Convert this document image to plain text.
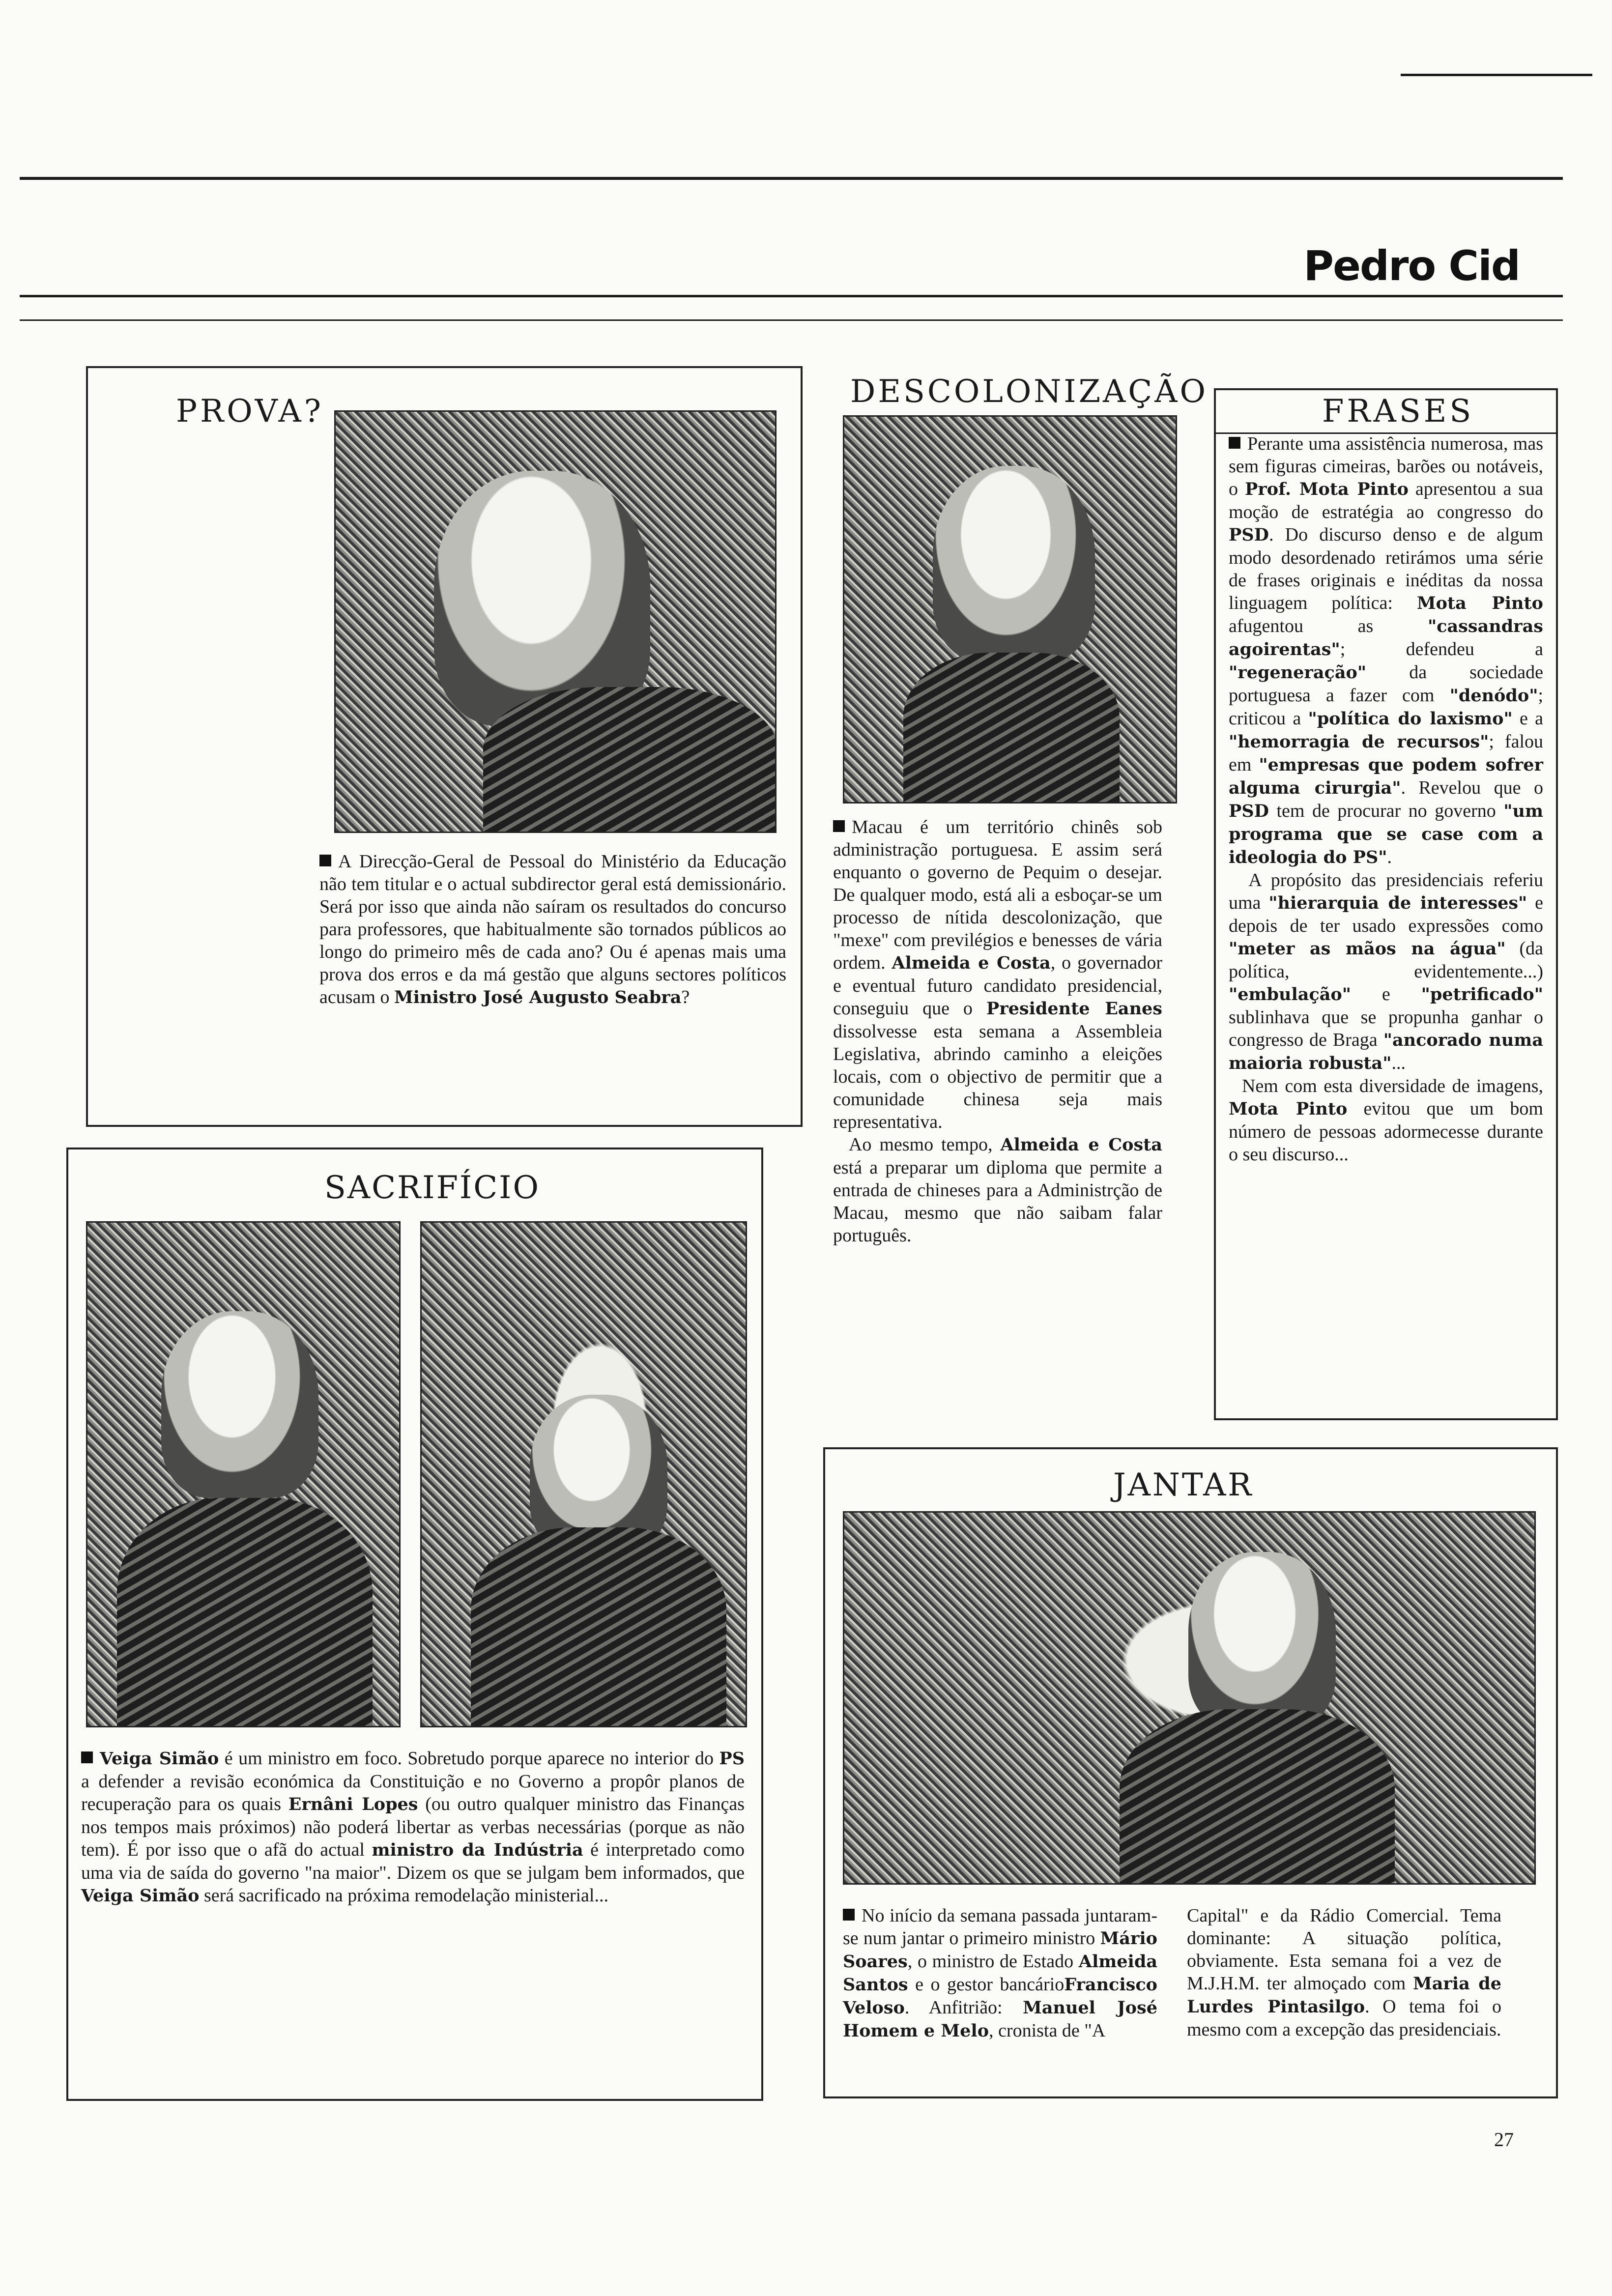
Pedro Cid
PROVA?
A Direcção-Geral de Pessoal do Ministério da Educação não tem titular e o actual subdirector geral está demissionário. Será por isso que ainda não saíram os resultados do concurso para professores, que habitualmente são tornados públicos ao longo do primeiro mês de cada ano? Ou é apenas mais uma prova dos erros e da má gestão que alguns sectores políticos acusam o Ministro José Augusto Seabra?
SACRIFÍCIO
Veiga Simão é um ministro em foco. Sobretudo porque aparece no interior do PS a defender a revisão económica da Constituição e no Governo a propôr planos de recuperação para os quais Ernâni Lopes (ou outro qualquer ministro das Finanças nos tempos mais próximos) não poderá libertar as verbas necessárias (porque as não tem). É por isso que o afã do actual ministro da Indústria é interpretado como uma via de saída do governo "na maior". Dizem os que se julgam bem informados, que Veiga Simão será sacrificado na próxima remodelação ministerial...
DESCOLONIZAÇÃO
Macau é um território chinês sob administração portuguesa. E assim será enquanto o governo de Pequim o desejar. De qualquer modo, está ali a esboçar-se um processo de nítida descolonização, que "mexe" com previlégios e benesses de vária ordem. Almeida e Costa, o governador e eventual futuro candidato presidencial, conseguiu que o Presidente Eanes dissolvesse esta semana a Assembleia Legislativa, abrindo caminho a eleições locais, com o objectivo de permitir que a comunidade chinesa seja mais representativa.
Ao mesmo tempo, Almeida e Costa está a preparar um diploma que permite a entrada de chineses para a Administrção de Macau, mesmo que não saibam falar português.
FRASES
Perante uma assistência numerosa, mas sem figuras cimeiras, barões ou notáveis, o Prof. Mota Pinto apresentou a sua moção de estratégia ao congresso do PSD. Do discurso denso e de algum modo desordenado retirámos uma série de frases originais e inéditas da nossa linguagem política: Mota Pinto afugentou as "cassandras agoirentas"; defendeu a "regeneração" da sociedade portuguesa a fazer com "denódo"; criticou a "política do laxismo" e a "hemorragia de recursos"; falou em "empresas que podem sofrer alguma cirurgia". Revelou que o PSD tem de procurar no governo "um programa que se case com a ideologia do PS".
A propósito das presidenciais referiu uma "hierarquia de interesses" e depois de ter usado expressões como "meter as mãos na água" (da política, evidentemente...) "embulação" e "petrificado" sublinhava que se propunha ganhar o congresso de Braga "ancorado numa maioria robusta"...
Nem com esta diversidade de imagens, Mota Pinto evitou que um bom número de pessoas adormecesse durante o seu discurso...
JANTAR
No início da semana passada juntaram-se num jantar o primeiro ministro Mário Soares, o ministro de Estado Almeida Santos e o gestor bancárioFrancisco Veloso. Anfitrião: Manuel José Homem e Melo, cronista de "A
Capital" e da Rádio Comercial. Tema dominante: A situação política, obviamente. Esta semana foi a vez de M.J.H.M. ter almoçado com Maria de Lurdes Pintasilgo. O tema foi o mesmo com a excepção das presidenciais.
27
